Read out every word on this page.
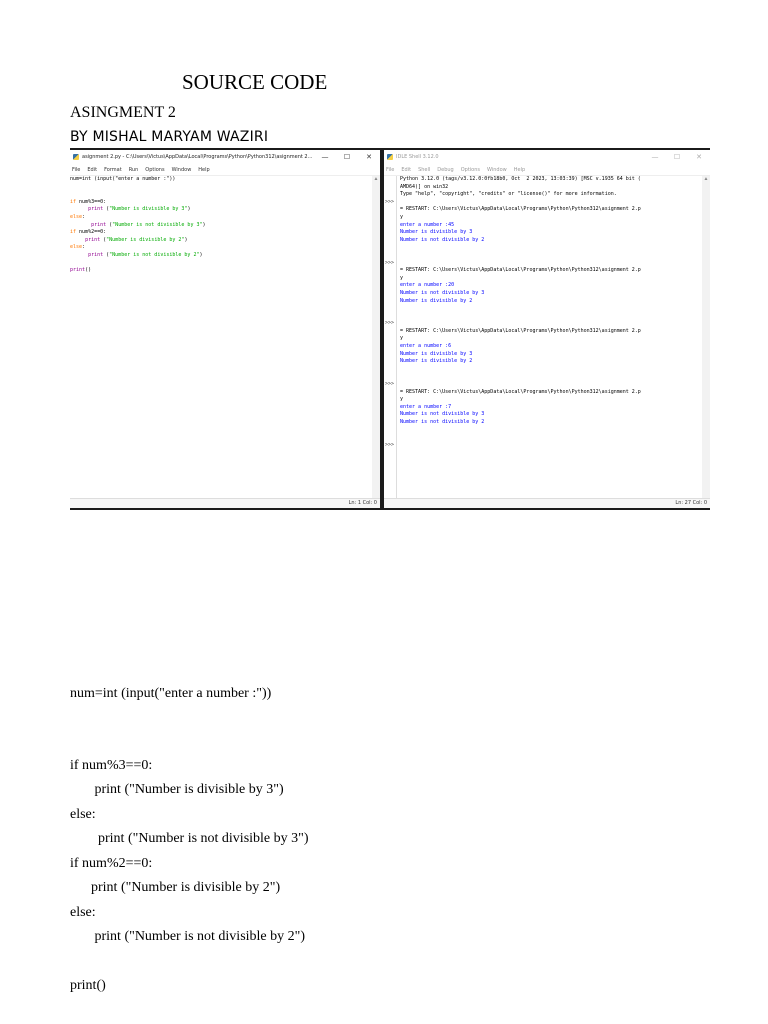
SOURCE CODE
ASINGMENT 2
BY MISHAL MARYAM WAZIRI
asignment 2.py - C:\Users\Victus\AppData\Local\Programs\Python\Python312\asignment 2...	—	☐	✕
File Edit Format Run Options Window Help
num=int (input("enter a number :"))

if num%3==0:
print ("Number is divisible by 3")
else:
print ("Number is not divisible by 3")
if num%2==0:
print ("Number is divisible by 2")
else:
print ("Number is not divisible by 2")

print()
▲
Ln: 1 Col: 0
IDLE Shell 3.12.0	—	☐	✕
File Edit Shell Debug Options Window Help
>>>
>>>
>>>
>>>
>>>
Python 3.12.0 (tags/v3.12.0:0fb18b0, Oct  2 2023, 13:03:39) [MSC v.1935 64 bit (
AMD64)] on win32
Type "help", "copyright", "credits" or "license()" for more information.

= RESTART: C:\Users\Victus\AppData\Local\Programs\Python\Python312\asignment 2.p
y
enter a number :45
Number is divisible by 3
Number is not divisible by 2

= RESTART: C:\Users\Victus\AppData\Local\Programs\Python\Python312\asignment 2.p
y
enter a number :20
Number is not divisible by 3
Number is divisible by 2

= RESTART: C:\Users\Victus\AppData\Local\Programs\Python\Python312\asignment 2.p
y
enter a number :6
Number is divisible by 3
Number is divisible by 2

= RESTART: C:\Users\Victus\AppData\Local\Programs\Python\Python312\asignment 2.p
y
enter a number :7
Number is not divisible by 3
Number is not divisible by 2

▲
Ln: 27 Col: 0
num=int (input("enter a number :"))
if num%3==0:
print ("Number is divisible by 3")
else:
print ("Number is not divisible by 3")
if num%2==0:
print ("Number is divisible by 2")
else:
print ("Number is not divisible by 2")
print()
